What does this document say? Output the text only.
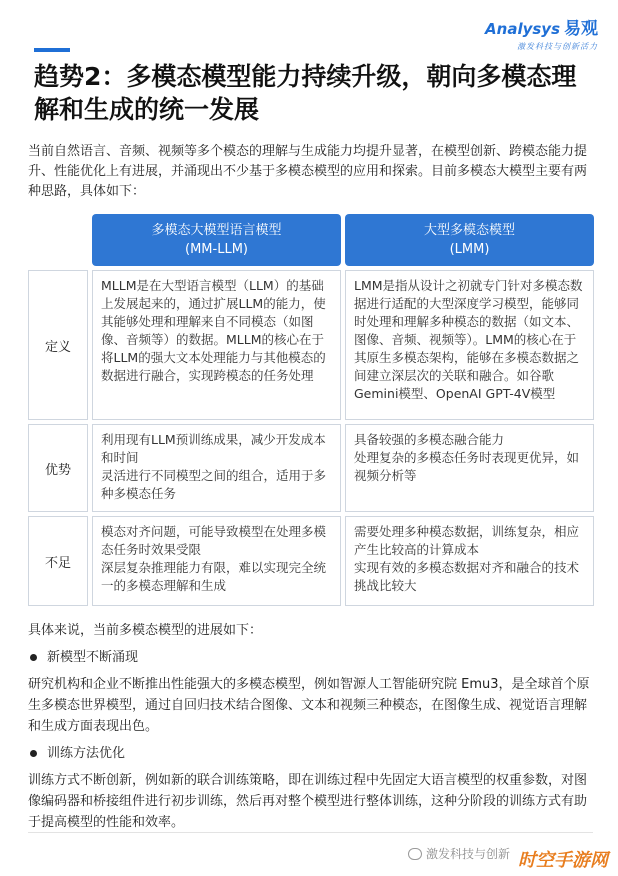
Analysys 易观
激发科技与创新活力
趋势2：多模态模型能力持续升级，朝向多模态理解和生成的统一发展

当前自然语言、音频、视频等多个模态的理解与生成能力均提升显著，在模型创新、跨模态能力提升、性能优化上有进展，并涌现出不少基于多模态模型的应用和探索。目前多模态大模型主要有两种思路，具体如下：

多模态大模型语言模型
(MM-LLM)
大型多模态模型
(LMM)
定义

MLLM是在大型语言模型（LLM）的基础上发展起来的，通过扩展LLM的能力，使其能够处理和理解来自不同模态（如图像、音频等）的数据。MLLM的核心在于将LLM的强大文本处理能力与其他模态的数据进行融合，实现跨模态的任务处理

LMM是指从设计之初就专门针对多模态数据进行适配的大型深度学习模型，能够同时处理和理解多种模态的数据（如文本、图像、音频、视频等）。LMM的核心在于其原生多模态架构，能够在多模态数据之间建立深层次的关联和融合。如谷歌Gemini模型、OpenAI GPT-4V模型

优势

利用现有LLM预训练成果，减少开发成本和时间

灵活进行不同模型之间的组合，适用于多种多模态任务

具备较强的多模态融合能力

处理复杂的多模态任务时表现更优异，如视频分析等

不足

模态对齐问题，可能导致模型在处理多模态任务时效果受限

深层复杂推理能力有限，难以实现完全统一的多模态理解和生成

需要处理多种模态数据，训练复杂，相应产生比较高的计算成本

实现有效的多模态数据对齐和融合的技术挑战比较大

具体来说，当前多模态模型的进展如下：

新模型不断涌现

研究机构和企业不断推出性能强大的多模态模型，例如智源人工智能研究院 Emu3，是全球首个原生多模态世界模型，通过自回归技术结合图像、文本和视频三种模态，在图像生成、视觉语言理解和生成方面表现出色。

训练方法优化

训练方式不断创新，例如新的联合训练策略，即在训练过程中先固定大语言模型的权重参数，对图像编码器和桥接组件进行初步训练，然后再对整个模型进行整体训练，这种分阶段的训练方式有助于提高模型的性能和效率。

激发科技与创新 时空手游网
